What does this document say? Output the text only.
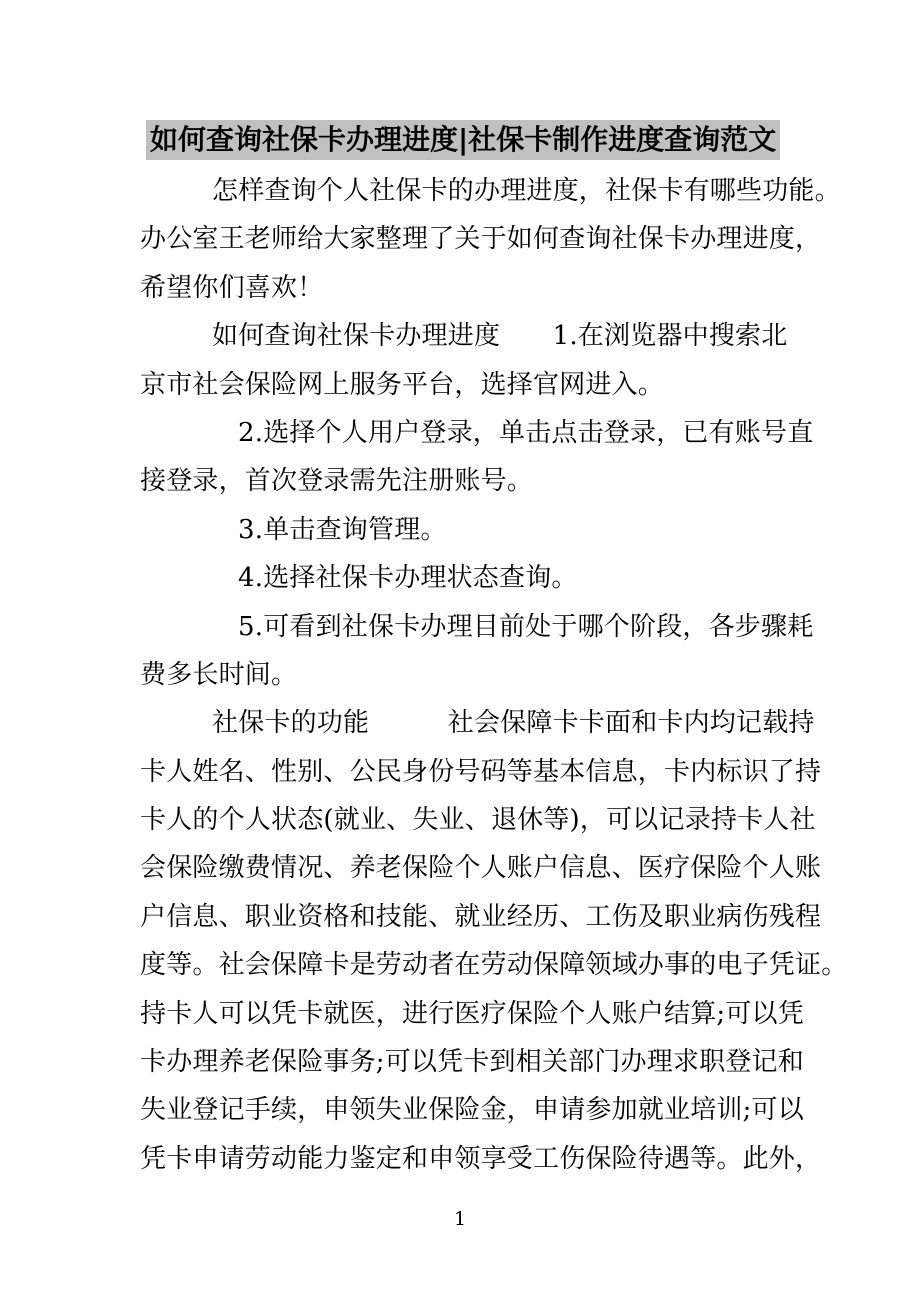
如何查询社保卡办理进度|社保卡制作进度查询范文

怎样查询个人社保卡的办理进度，社保卡有哪些功能。

办公室王老师给大家整理了关于如何查询社保卡办理进度，

希望你们喜欢！

如何查询社保卡办理进度　　1.在浏览器中搜索北

京市社会保险网上服务平台，选择官网进入。

2.选择个人用户登录，单击点击登录，已有账号直

接登录，首次登录需先注册账号。

3.单击查询管理。

4.选择社保卡办理状态查询。

5.可看到社保卡办理目前处于哪个阶段，各步骤耗

费多长时间。

社保卡的功能　　　社会保障卡卡面和卡内均记载持

卡人姓名、性别、公民身份号码等基本信息，卡内标识了持

卡人的个人状态(就业、失业、退休等)，可以记录持卡人社

会保险缴费情况、养老保险个人账户信息、医疗保险个人账

户信息、职业资格和技能、就业经历、工伤及职业病伤残程

度等。社会保障卡是劳动者在劳动保障领域办事的电子凭证。

持卡人可以凭卡就医，进行医疗保险个人账户结算;可以凭

卡办理养老保险事务;可以凭卡到相关部门办理求职登记和

失业登记手续，申领失业保险金，申请参加就业培训;可以

凭卡申请劳动能力鉴定和申领享受工伤保险待遇等。此外，

1
